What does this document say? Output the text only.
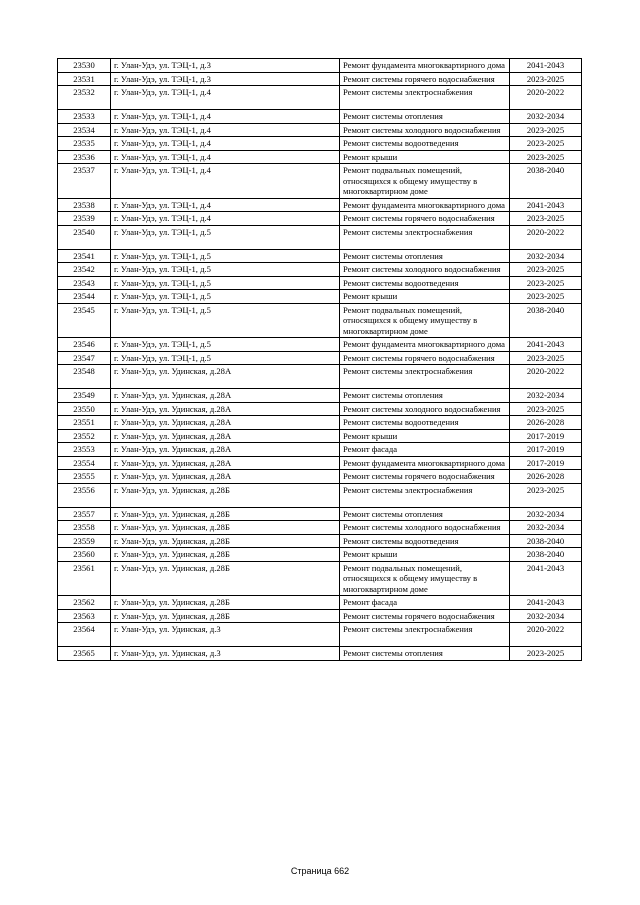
23530	г. Улан-Удэ, ул. ТЭЦ-1, д.3	Ремонт фундамента многоквартирного дома	2041-2043
23531	г. Улан-Удэ, ул. ТЭЦ-1, д.3	Ремонт системы горячего водоснабжения	2023-2025
23532	г. Улан-Удэ, ул. ТЭЦ-1, д.4	Ремонт системы электроснабжения	2020-2022
23533	г. Улан-Удэ, ул. ТЭЦ-1, д.4	Ремонт системы отопления	2032-2034
23534	г. Улан-Удэ, ул. ТЭЦ-1, д.4	Ремонт системы холодного водоснабжения	2023-2025
23535	г. Улан-Удэ, ул. ТЭЦ-1, д.4	Ремонт системы водоотведения	2023-2025
23536	г. Улан-Удэ, ул. ТЭЦ-1, д.4	Ремонт крыши	2023-2025
23537	г. Улан-Удэ, ул. ТЭЦ-1, д.4	Ремонт подвальных помещений, относящихся к общему имуществу в многоквартирном доме	2038-2040
23538	г. Улан-Удэ, ул. ТЭЦ-1, д.4	Ремонт фундамента многоквартирного дома	2041-2043
23539	г. Улан-Удэ, ул. ТЭЦ-1, д.4	Ремонт системы горячего водоснабжения	2023-2025
23540	г. Улан-Удэ, ул. ТЭЦ-1, д.5	Ремонт системы электроснабжения	2020-2022
23541	г. Улан-Удэ, ул. ТЭЦ-1, д.5	Ремонт системы отопления	2032-2034
23542	г. Улан-Удэ, ул. ТЭЦ-1, д.5	Ремонт системы холодного водоснабжения	2023-2025
23543	г. Улан-Удэ, ул. ТЭЦ-1, д.5	Ремонт системы водоотведения	2023-2025
23544	г. Улан-Удэ, ул. ТЭЦ-1, д.5	Ремонт крыши	2023-2025
23545	г. Улан-Удэ, ул. ТЭЦ-1, д.5	Ремонт подвальных помещений, относящихся к общему имуществу в многоквартирном доме	2038-2040
23546	г. Улан-Удэ, ул. ТЭЦ-1, д.5	Ремонт фундамента многоквартирного дома	2041-2043
23547	г. Улан-Удэ, ул. ТЭЦ-1, д.5	Ремонт системы горячего водоснабжения	2023-2025
23548	г. Улан-Удэ, ул. Удинская, д.28А	Ремонт системы электроснабжения	2020-2022
23549	г. Улан-Удэ, ул. Удинская, д.28А	Ремонт системы отопления	2032-2034
23550	г. Улан-Удэ, ул. Удинская, д.28А	Ремонт системы холодного водоснабжения	2023-2025
23551	г. Улан-Удэ, ул. Удинская, д.28А	Ремонт системы водоотведения	2026-2028
23552	г. Улан-Удэ, ул. Удинская, д.28А	Ремонт крыши	2017-2019
23553	г. Улан-Удэ, ул. Удинская, д.28А	Ремонт фасада	2017-2019
23554	г. Улан-Удэ, ул. Удинская, д.28А	Ремонт фундамента многоквартирного дома	2017-2019
23555	г. Улан-Удэ, ул. Удинская, д.28А	Ремонт системы горячего водоснабжения	2026-2028
23556	г. Улан-Удэ, ул. Удинская, д.28Б	Ремонт системы электроснабжения	2023-2025
23557	г. Улан-Удэ, ул. Удинская, д.28Б	Ремонт системы отопления	2032-2034
23558	г. Улан-Удэ, ул. Удинская, д.28Б	Ремонт системы холодного водоснабжения	2032-2034
23559	г. Улан-Удэ, ул. Удинская, д.28Б	Ремонт системы водоотведения	2038-2040
23560	г. Улан-Удэ, ул. Удинская, д.28Б	Ремонт крыши	2038-2040
23561	г. Улан-Удэ, ул. Удинская, д.28Б	Ремонт подвальных помещений, относящихся к общему имуществу в многоквартирном доме	2041-2043
23562	г. Улан-Удэ, ул. Удинская, д.28Б	Ремонт фасада	2041-2043
23563	г. Улан-Удэ, ул. Удинская, д.28Б	Ремонт системы горячего водоснабжения	2032-2034
23564	г. Улан-Удэ, ул. Удинская, д.3	Ремонт системы электроснабжения	2020-2022
23565	г. Улан-Удэ, ул. Удинская, д.3	Ремонт системы отопления	2023-2025
Страница 662
